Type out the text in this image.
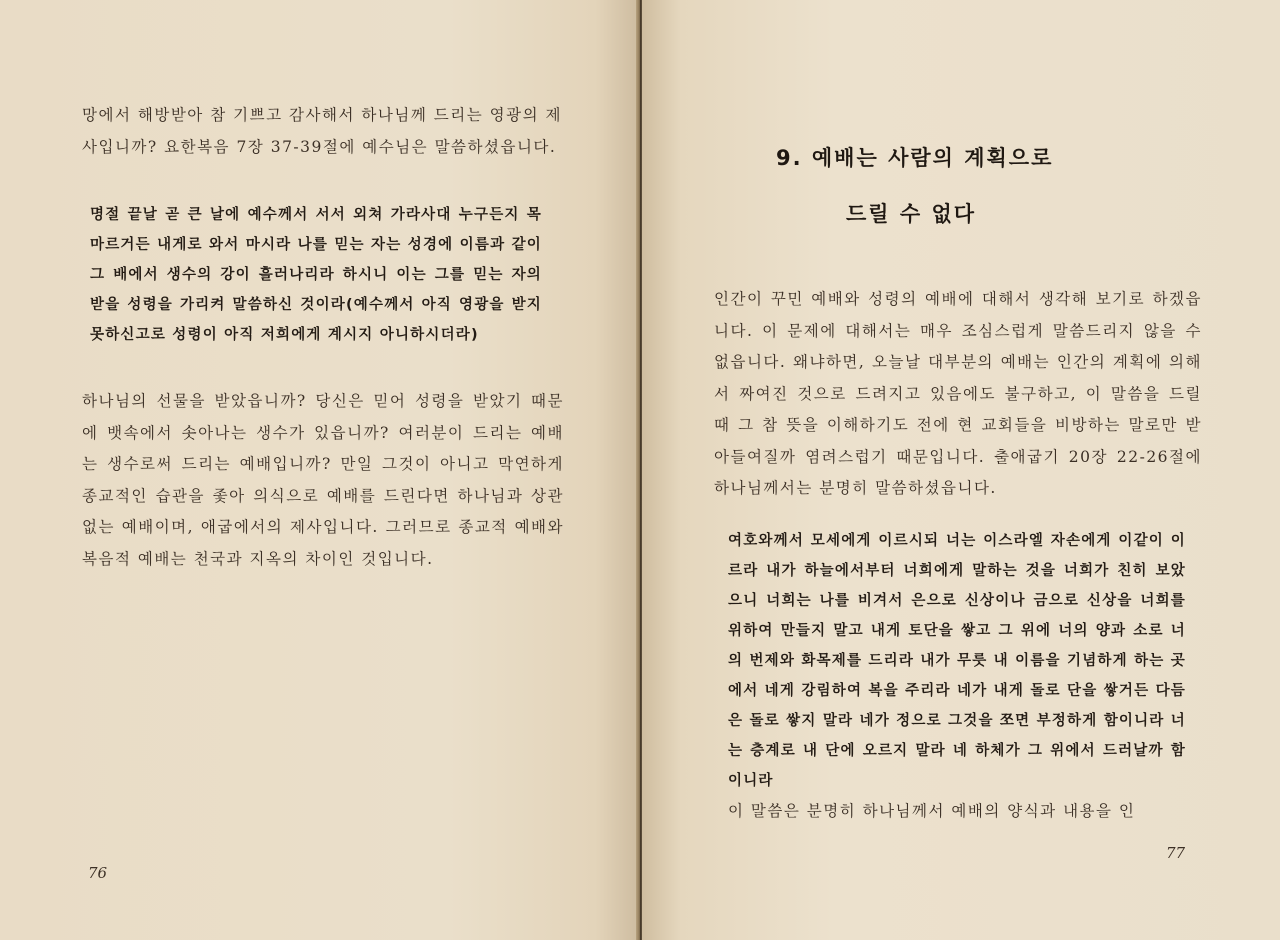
망에서 해방받아 참 기쁘고 감사해서 하나님께 드리는 영광의 제사입니까? 요한복음 7장 37-39절에 예수님은 말씀하셨읍니다.

명절 끝날 곧 큰 날에 예수께서 서서 외쳐 가라사대 누구든지 목마르거든 내게로 와서 마시라 나를 믿는 자는 성경에 이름과 같이 그 배에서 생수의 강이 흘러나리라 하시니 이는 그를 믿는 자의 받을 성령을 가리켜 말씀하신 것이라(예수께서 아직 영광을 받지 못하신고로 성령이 아직 저희에게 계시지 아니하시더라)

하나님의 선물을 받았읍니까? 당신은 믿어 성령을 받았기 때문에 뱃속에서 솟아나는 생수가 있읍니까? 여러분이 드리는 예배는 생수로써 드리는 예배입니까? 만일 그것이 아니고 막연하게 종교적인 습관을 좇아 의식으로 예배를 드린다면 하나님과 상관없는 예배이며, 애굽에서의 제사입니다. 그러므로 종교적 예배와 복음적 예배는 천국과 지옥의 차이인 것입니다.

76

9. 예배는 사람의 계획으로
드릴 수 없다

인간이 꾸민 예배와 성령의 예배에 대해서 생각해 보기로 하겠읍니다. 이 문제에 대해서는 매우 조심스럽게 말씀드리지 않을 수 없읍니다. 왜냐하면, 오늘날 대부분의 예배는 인간의 계획에 의해서 짜여진 것으로 드려지고 있음에도 불구하고, 이 말씀을 드릴 때 그 참 뜻을 이해하기도 전에 현 교회들을 비방하는 말로만 받아들여질까 염려스럽기 때문입니다. 출애굽기 20장 22-26절에 하나님께서는 분명히 말씀하셨읍니다.

여호와께서 모세에게 이르시되 너는 이스라엘 자손에게 이같이 이르라 내가 하늘에서부터 너희에게 말하는 것을 너희가 친히 보았으니 너희는 나를 비겨서 은으로 신상이나 금으로 신상을 너희를 위하여 만들지 말고 내게 토단을 쌓고 그 위에 너의 양과 소로 너의 번제와 화목제를 드리라 내가 무릇 내 이름을 기념하게 하는 곳에서 네게 강림하여 복을 주리라 네가 내게 돌로 단을 쌓거든 다듬은 돌로 쌓지 말라 네가 정으로 그것을 쪼면 부정하게 함이니라 너는 층계로 내 단에 오르지 말라 네 하체가 그 위에서 드러날까 함이니라

이 말씀은 분명히 하나님께서 예배의 양식과 내용을 인

77
